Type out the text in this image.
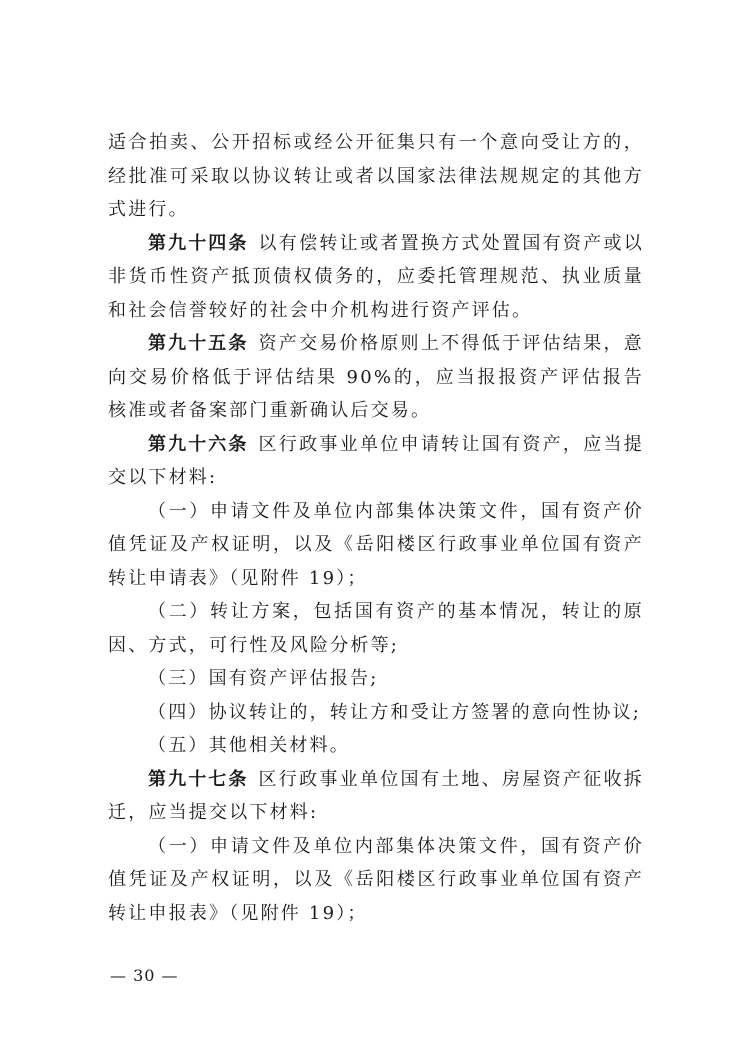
适合拍卖、公开招标或经公开征集只有一个意向受让方的，经批准可采取以协议转让或者以国家法律法规规定的其他方式进行。

第九十四条 以有偿转让或者置换方式处置国有资产或以非货币性资产抵顶债权债务的，应委托管理规范、执业质量和社会信誉较好的社会中介机构进行资产评估。

第九十五条 资产交易价格原则上不得低于评估结果，意向交易价格低于评估结果 90%的，应当报报资产评估报告核准或者备案部门重新确认后交易。

第九十六条 区行政事业单位申请转让国有资产，应当提交以下材料:

（一）申请文件及单位内部集体决策文件，国有资产价值凭证及产权证明，以及《岳阳楼区行政事业单位国有资产转让申请表》（见附件 19）；

（二）转让方案，包括国有资产的基本情况，转让的原因、方式，可行性及风险分析等;

（三）国有资产评估报告;

（四）协议转让的，转让方和受让方签署的意向性协议;

（五）其他相关材料。

第九十七条 区行政事业单位国有土地、房屋资产征收拆迁，应当提交以下材料:

（一）申请文件及单位内部集体决策文件，国有资产价值凭证及产权证明，以及《岳阳楼区行政事业单位国有资产转让申报表》（见附件 19）；

— 30 —
